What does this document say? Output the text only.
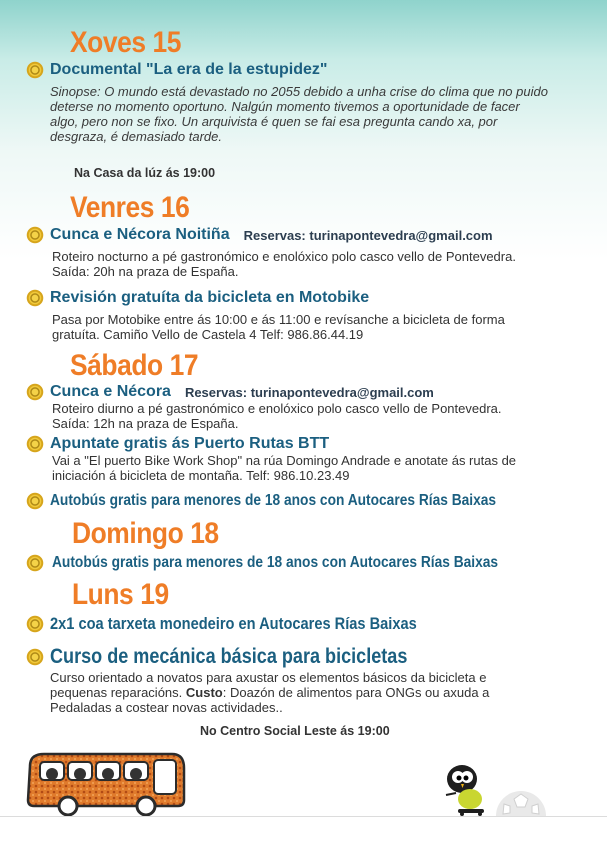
Xoves 15
Documental "La era de la estupidez"

Sinopse: O mundo está devastado no 2055 debido a unha crise do clima que no puido deterse no momento oportuno. Nalgún momento tivemos a oportunidade de facer algo, pero non se fixo. Un arquivista é quen se fai esa pregunta cando xa, por desgraza, é demasiado tarde.

Na Casa da lúz ás 19:00
Venres 16
Cunca e Nécora Noitiña Reservas: turinapontevedra@gmail.com

Roteiro nocturno a pé gastronómico e enolóxico polo casco vello de Pontevedra. Saída: 20h na praza de España.

Revisión gratuíta da bicicleta en Motobike

Pasa por Motobike entre ás 10:00 e ás 11:00 e revísanche a bicicleta de forma gratuíta. Camiño Vello de Castela 4 Telf: 986.86.44.19

Sábado 17
Cunca e Nécora Reservas: turinapontevedra@gmail.com

Roteiro diurno a pé gastronómico e enolóxico polo casco vello de Pontevedra. Saída: 12h na praza de España.

Apuntate gratis ás Puerto Rutas BTT

Vai a "El puerto Bike Work Shop" na rúa Domingo Andrade e anotate ás rutas de iniciación á bicicleta de montaña. Telf: 986.10.23.49

Autobús gratis para menores de 18 anos con Autocares Rías Baixas
Domingo 18
Autobús gratis para menores de 18 anos con Autocares Rías Baixas
Luns 19
2x1 coa tarxeta monedeiro en Autocares Rías Baixas
Curso de mecánica básica para bicicletas

Curso orientado a novatos para axustar os elementos básicos da bicicleta e pequenas reparacións. Custo: Doazón de alimentos para ONGs ou axuda a Pedaladas a costear novas actividades..

No Centro Social Leste ás 19:00
